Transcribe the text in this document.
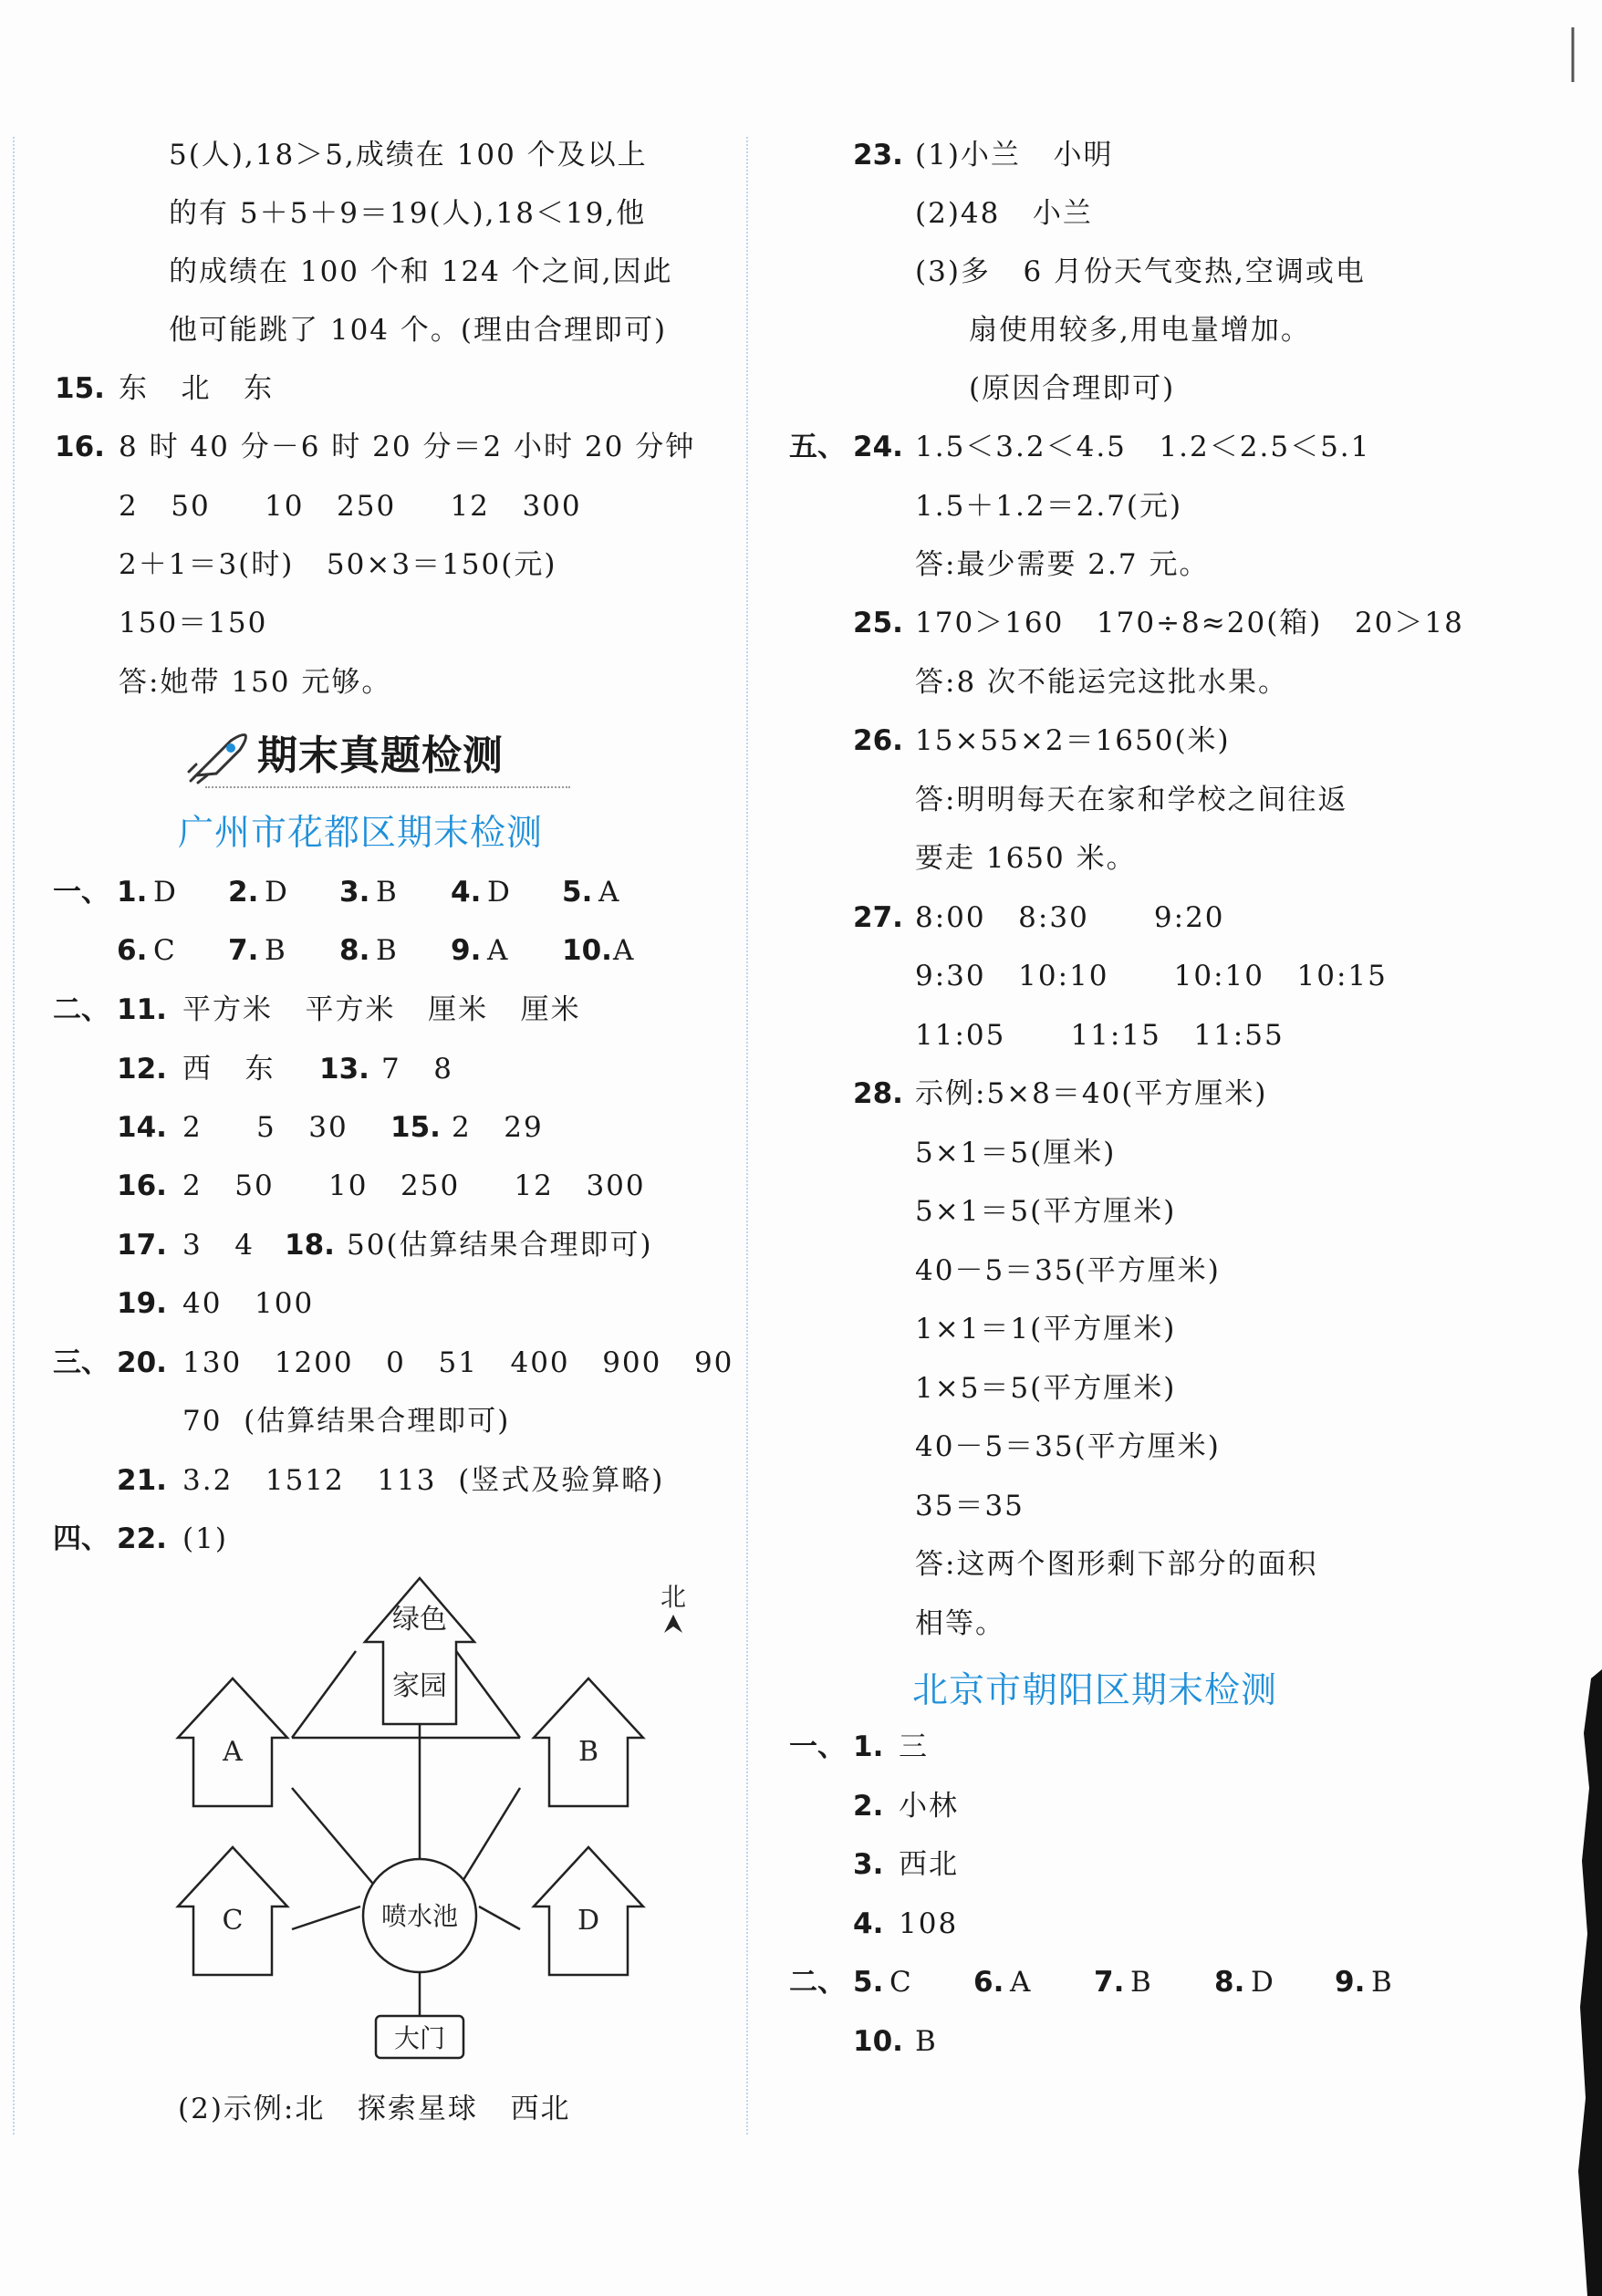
5(人),18＞5,成绩在 100 个及以上
的有 5＋5＋9＝19(人),18＜19,他
的成绩在 100 个和 124 个之间,因此
他可能跳了 104 个。(理由合理即可)
15. 东   北   东
16. 8 时 40 分－6 时 20 分＝2 小时 20 分钟
2   50     10   250     12   300
2＋1＝3(时)   50×3＝150(元)
150＝150
答:她带 150 元够。
期末真题检测
广州市花都区期末检测
一、 1. D 2. D 3. B 4. D 5. A
6. C 7. B 8. B 9. A 10. A
二、 11. 平方米   平方米   厘米   厘米
12. 西   东 13. 7   8
14. 2     5   30 15. 2   29
16. 2   50     10   250     12   300
17. 3   4 18. 50(估算结果合理即可)
19. 40   100
三、 20. 130   1200   0   51   400   900   90
70  (估算结果合理即可)
21. 3.2   1512   113  (竖式及验算略)
四、 22. (1)
绿色
家园
A	B
C	D
喷水池
大门
北
(2)示例:北   探索星球   西北
23. (1)小兰   小明
(2)48   小兰
(3)多   6 月份天气变热,空调或电
扇使用较多,用电量增加。
(原因合理即可)
五、 24. 1.5＜3.2＜4.5   1.2＜2.5＜5.1
1.5＋1.2＝2.7(元)
答:最少需要 2.7 元。
25. 170＞160   170÷8≈20(箱)   20＞18
答:8 次不能运完这批水果。
26. 15×55×2＝1650(米)
答:明明每天在家和学校之间往返
要走 1650 米。
27. 8:00   8:30      9:20
9:30   10:10      10:10   10:15
11:05      11:15   11:55
28. 示例:5×8＝40(平方厘米)
5×1＝5(厘米)
5×1＝5(平方厘米)
40－5＝35(平方厘米)
1×1＝1(平方厘米)
1×5＝5(平方厘米)
40－5＝35(平方厘米)
35＝35
答:这两个图形剩下部分的面积
相等。
北京市朝阳区期末检测
一、 1. 三
2. 小林
3. 西北
4. 108
二、 5. C 6. A 7. B 8. D 9. B
10. B
